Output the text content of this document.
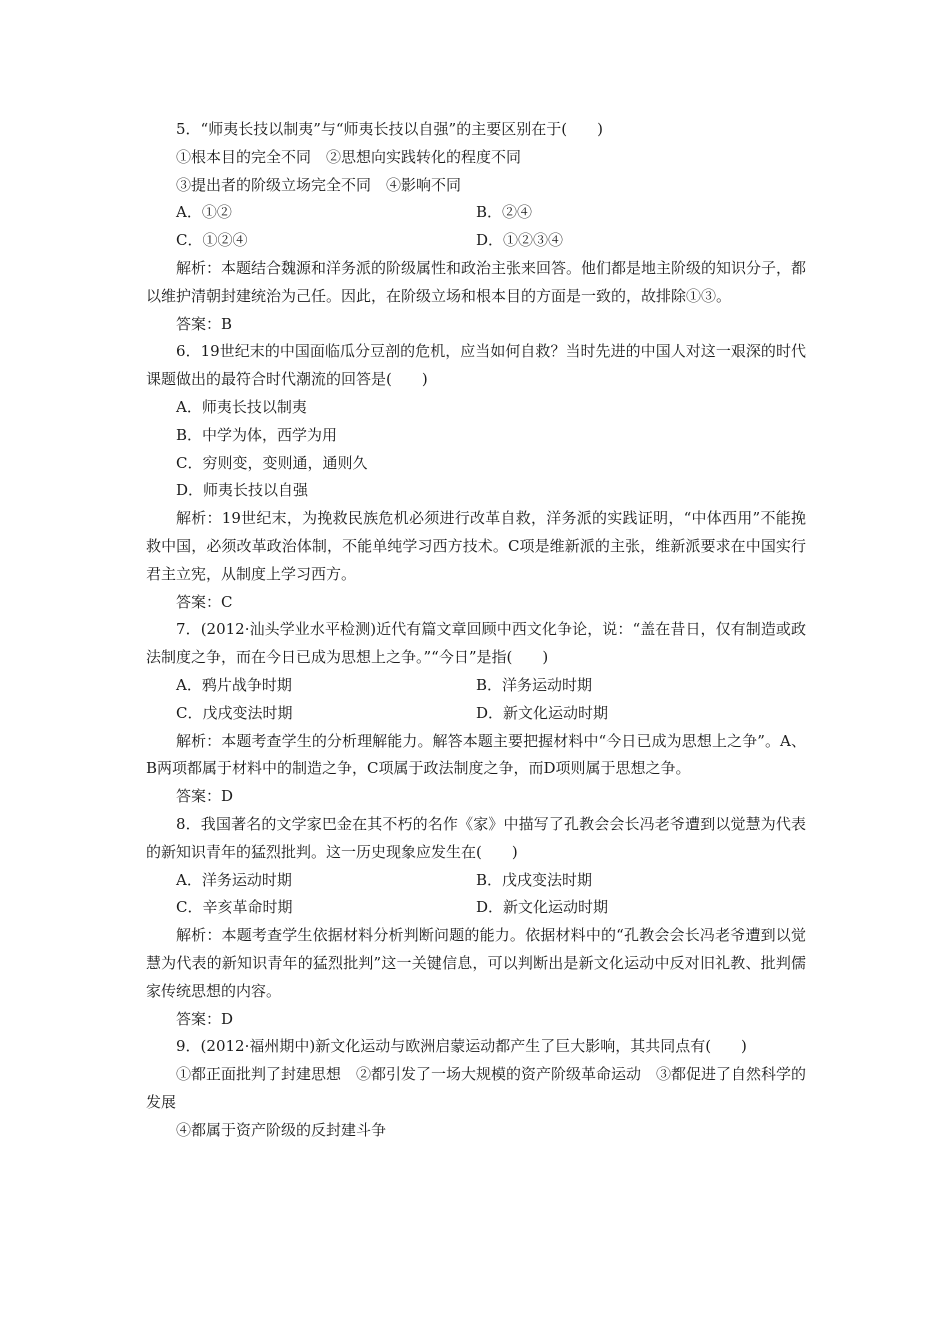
5．“师夷长技以制夷”与“师夷长技以自强”的主要区别在于(　　)

①根本目的完全不同　②思想向实践转化的程度不同

③提出者的阶级立场完全不同　④影响不同

A．①②	B．②④
C．①②④	D．①②③④

解析：本题结合魏源和洋务派的阶级属性和政治主张来回答。他们都是地主阶级的知识分子，都以维护清朝封建统治为己任。因此，在阶级立场和根本目的方面是一致的，故排除①③。

答案：B

6．19世纪末的中国面临瓜分豆剖的危机，应当如何自救？当时先进的中国人对这一艰深的时代课题做出的最符合时代潮流的回答是(　　)

A．师夷长技以制夷

B．中学为体，西学为用

C．穷则变，变则通，通则久

D．师夷长技以自强

解析：19世纪末，为挽救民族危机必须进行改革自救，洋务派的实践证明，“中体西用”不能挽救中国，必须改革政治体制，不能单纯学习西方技术。C项是维新派的主张，维新派要求在中国实行君主立宪，从制度上学习西方。

答案：C

7．(2012·汕头学业水平检测)近代有篇文章回顾中西文化争论，说：“盖在昔日，仅有制造或政法制度之争，而在今日已成为思想上之争。”“今日”是指(　　)

A．鸦片战争时期	B．洋务运动时期
C．戊戌变法时期	D．新文化运动时期

解析：本题考查学生的分析理解能力。解答本题主要把握材料中“今日已成为思想上之争”。A、B两项都属于材料中的制造之争，C项属于政法制度之争，而D项则属于思想之争。

答案：D

8．我国著名的文学家巴金在其不朽的名作《家》中描写了孔教会会长冯老爷遭到以觉慧为代表的新知识青年的猛烈批判。这一历史现象应发生在(　　)

A．洋务运动时期	B．戊戌变法时期
C．辛亥革命时期	D．新文化运动时期

解析：本题考查学生依据材料分析判断问题的能力。依据材料中的“孔教会会长冯老爷遭到以觉慧为代表的新知识青年的猛烈批判”这一关键信息，可以判断出是新文化运动中反对旧礼教、批判儒家传统思想的内容。

答案：D

9．(2012·福州期中)新文化运动与欧洲启蒙运动都产生了巨大影响，其共同点有(　　)

①都正面批判了封建思想　②都引发了一场大规模的资产阶级革命运动　③都促进了自然科学的发展

④都属于资产阶级的反封建斗争
